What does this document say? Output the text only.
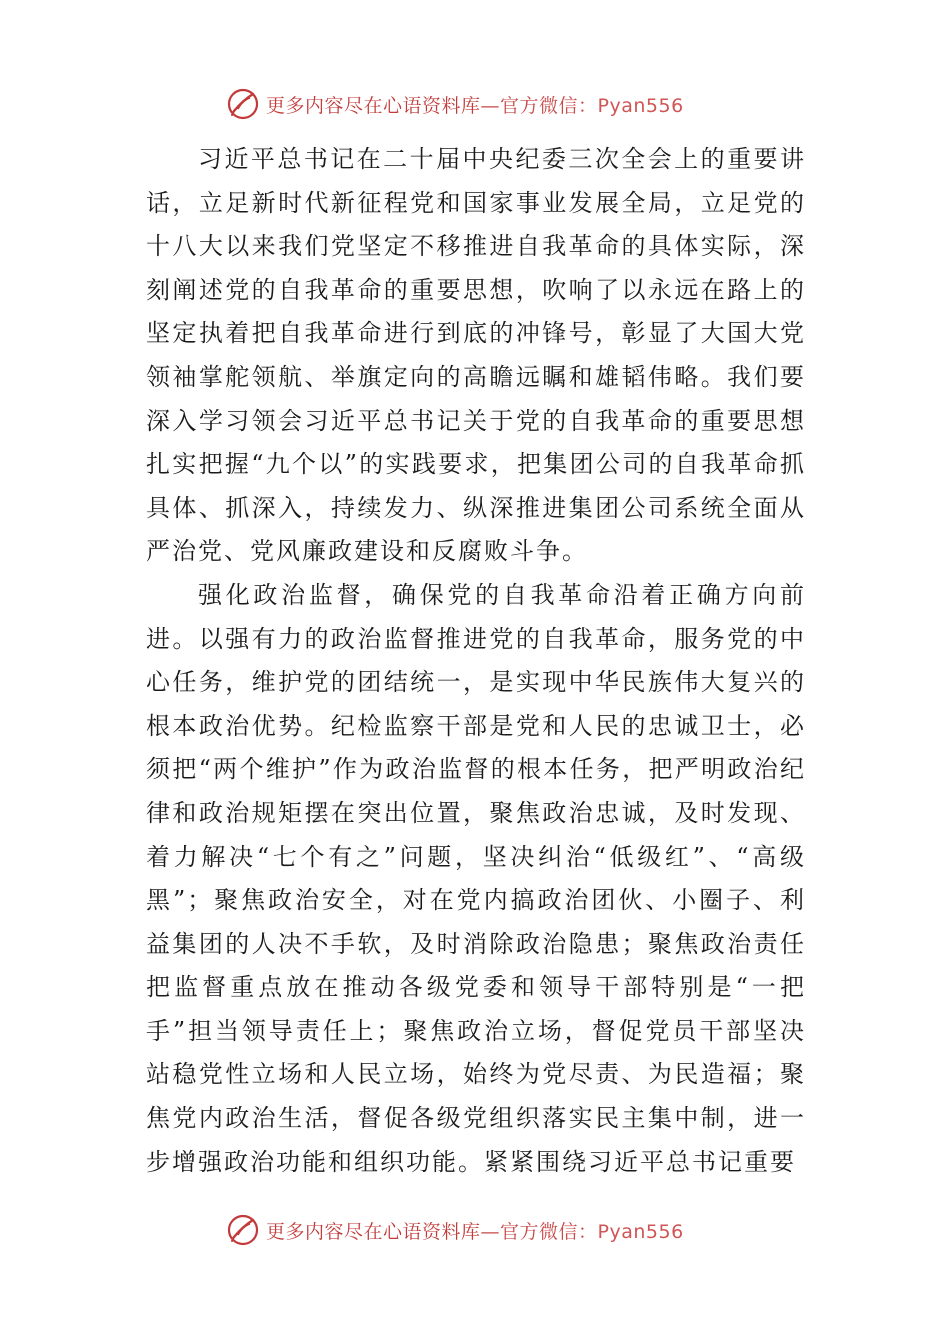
更多内容尽在心语资料库—官方微信：Pyan556

习近平总书记在二十届中央纪委三次全会上的重要讲话，立足新时代新征程党和国家事业发展全局，立足党的十八大以来我们党坚定不移推进自我革命的具体实际，深刻阐述党的自我革命的重要思想，吹响了以永远在路上的坚定执着把自我革命进行到底的冲锋号，彰显了大国大党领袖掌舵领航、举旗定向的高瞻远瞩和雄韬伟略。我们要深入学习领会习近平总书记关于党的自我革命的重要思想扎实把握“九个以”的实践要求，把集团公司的自我革命抓具体、抓深入，持续发力、纵深推进集团公司系统全面从严治党、党风廉政建设和反腐败斗争。

强化政治监督，确保党的自我革命沿着正确方向前进。以强有力的政治监督推进党的自我革命，服务党的中心任务，维护党的团结统一，是实现中华民族伟大复兴的根本政治优势。纪检监察干部是党和人民的忠诚卫士，必须把“两个维护”作为政治监督的根本任务，把严明政治纪律和政治规矩摆在突出位置，聚焦政治忠诚，及时发现、着力解决“七个有之”问题，坚决纠治“低级红”、“高级黑”；聚焦政治安全，对在党内搞政治团伙、小圈子、利益集团的人决不手软，及时消除政治隐患；聚焦政治责任把监督重点放在推动各级党委和领导干部特别是“一把手”担当领导责任上；聚焦政治立场，督促党员干部坚决站稳党性立场和人民立场，始终为党尽责、为民造福；聚焦党内政治生活，督促各级党组织落实民主集中制，进一步增强政治功能和组织功能。紧紧围绕习近平总书记重要

更多内容尽在心语资料库—官方微信：Pyan556
